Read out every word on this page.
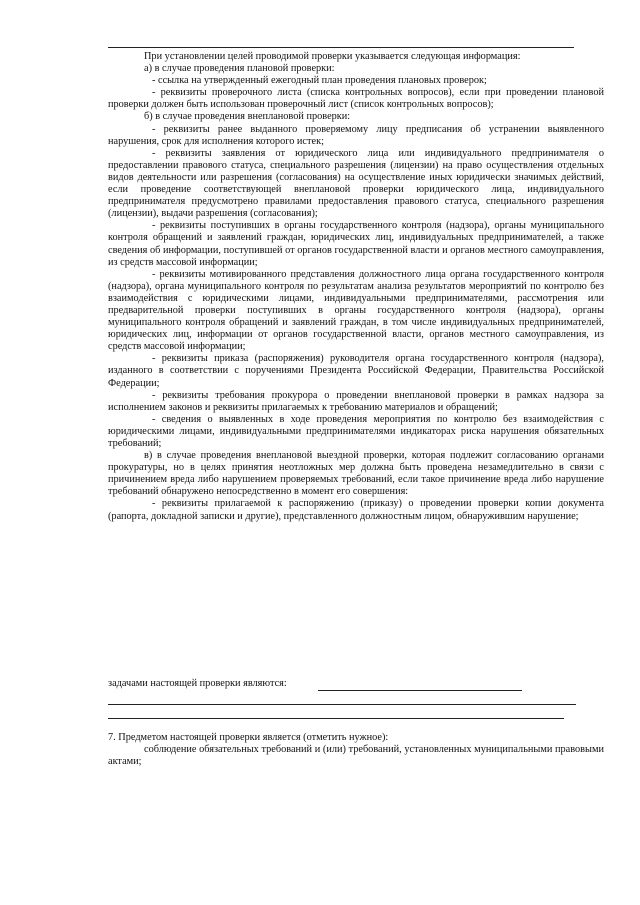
При установлении целей проводимой проверки указывается следующая информация:

а) в случае проведения плановой проверки:

- ссылка на утвержденный ежегодный план проведения плановых проверок;

- реквизиты проверочного листа (списка контрольных вопросов), если при проведении плановой проверки должен быть использован проверочный лист (список контрольных вопросов);

б) в случае проведения внеплановой проверки:

- реквизиты ранее выданного проверяемому лицу предписания об устранении выявленного нарушения, срок для исполнения которого истек;

- реквизиты заявления от юридического лица или индивидуального предпринимателя о предоставлении правового статуса, специального разрешения (лицензии) на право осуществления отдельных видов деятельности или разрешения (согласования) на осуществление иных юридически значимых действий, если проведение соответствующей внеплановой проверки юридического лица, индивидуального предпринимателя предусмотрено правилами предоставления правового статуса, специального разрешения (лицензии), выдачи разрешения (согласования);

- реквизиты поступивших в органы государственного контроля (надзора), органы муниципального контроля обращений и заявлений граждан, юридических лиц, индивидуальных предпринимателей, а также сведения об информации, поступившей от органов государственной власти и органов местного самоуправления, из средств массовой информации;

- реквизиты мотивированного представления должностного лица органа государственного контроля (надзора), органа муниципального контроля по результатам анализа результатов мероприятий по контролю без взаимодействия с юридическими лицами, индивидуальными предпринимателями, рассмотрения или предварительной проверки поступивших в органы государственного контроля (надзора), органы муниципального контроля обращений и заявлений граждан, в том числе индивидуальных предпринимателей, юридических лиц, информации от органов государственной власти, органов местного самоуправления, из средств массовой информации;

- реквизиты приказа (распоряжения) руководителя органа государственного контроля (надзора), изданного в соответствии с поручениями Президента Российской Федерации, Правительства Российской Федерации;

- реквизиты требования прокурора о проведении внеплановой проверки в рамках надзора за исполнением законов и реквизиты прилагаемых к требованию материалов и обращений;

- сведения о выявленных в ходе проведения мероприятия по контролю без взаимодействия с юридическими лицами, индивидуальными предпринимателями индикаторах риска нарушения обязательных требований;

в) в случае проведения внеплановой выездной проверки, которая подлежит согласованию органами прокуратуры, но в целях принятия неотложных мер должна быть проведена незамедлительно в связи с причинением вреда либо нарушением проверяемых требований, если такое причинение вреда либо нарушение требований обнаружено непосредственно в момент его совершения:

- реквизиты прилагаемой к распоряжению (приказу) о проведении проверки копии документа (рапорта, докладной записки и другие), представленного должностным лицом, обнаружившим нарушение;

задачами настоящей проверки являются:

7. Предметом настоящей проверки является (отметить нужное):

соблюдение обязательных требований и (или) требований, установленных муниципальными правовыми актами;
